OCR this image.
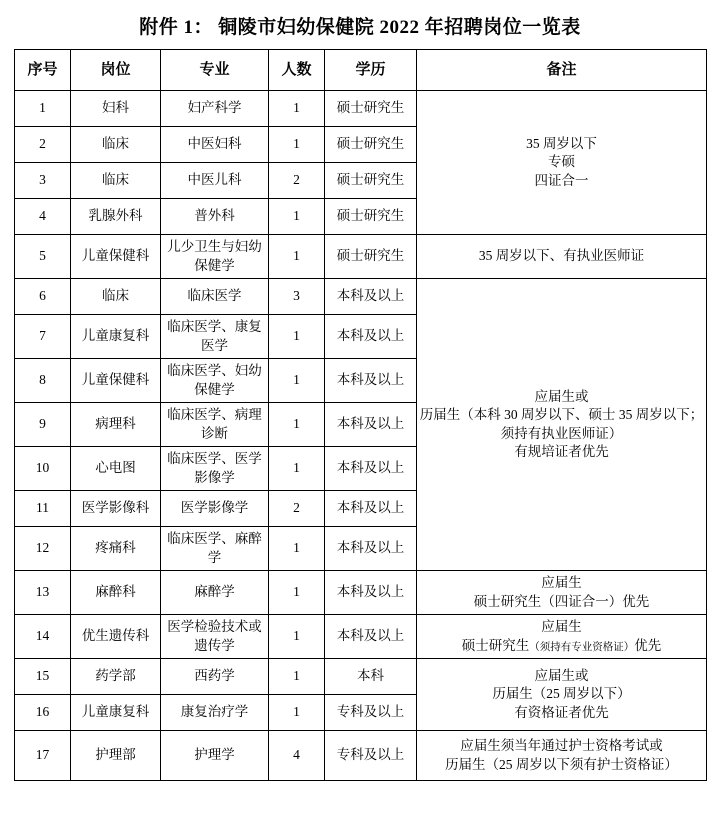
附件 1： 铜陵市妇幼保健院 2022 年招聘岗位一览表
序号	岗位	专业	人数	学历	备注
1	妇科	妇产科学	1	硕士研究生	35 周岁以下
专硕
四证合一

2	临床	中医妇科	1	硕士研究生	
3	临床	中医儿科	2	硕士研究生	
4	乳腺外科	普外科	1	硕士研究生	
5	儿童保健科	儿少卫生与妇幼保健学	1	硕士研究生	35 周岁以下、有执业医师证
6	临床	临床医学	3	本科及以上	应届生或
历届生（本科 30 周岁以下、硕士 35 周岁以下；须持有执业医师证）
有规培证者优先

7	儿童康复科	临床医学、康复医学	1	本科及以上	
8	儿童保健科	临床医学、妇幼保健学	1	本科及以上	
9	病理科	临床医学、病理诊断	1	本科及以上	
10	心电图	临床医学、医学影像学	1	本科及以上	
11	医学影像科	医学影像学	2	本科及以上	
12	疼痛科	临床医学、麻醉学	1	本科及以上	
13	麻醉科	麻醉学	1	本科及以上	应届生
硕士研究生（四证合一）优先

14	优生遗传科	医学检验技术或遗传学	1	本科及以上	应届生
硕士研究生（须持有专业资格证）优先

15	药学部	西药学	1	本科	应届生或
历届生（25 周岁以下）
有资格证者优先

16	儿童康复科	康复治疗学	1	专科及以上	
17	护理部	护理学	4	专科及以上	应届生须当年通过护士资格考试或
历届生（25 周岁以下须有护士资格证）
